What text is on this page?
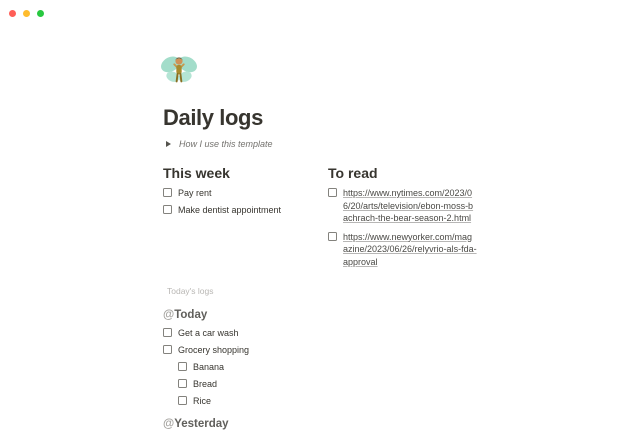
Daily logs
How I use this template
This week
Pay rent
Make dentist appointment
To read
https://www.nytimes.com/2023/06/20/arts/television/ebon-moss-bachrach-the-bear-season-2.html
https://www.newyorker.com/magazine/2023/06/26/relyvrio-als-fda-approval
Today's logs
@Today
Get a car wash
Grocery shopping
Banana
Bread
Rice
@Yesterday
